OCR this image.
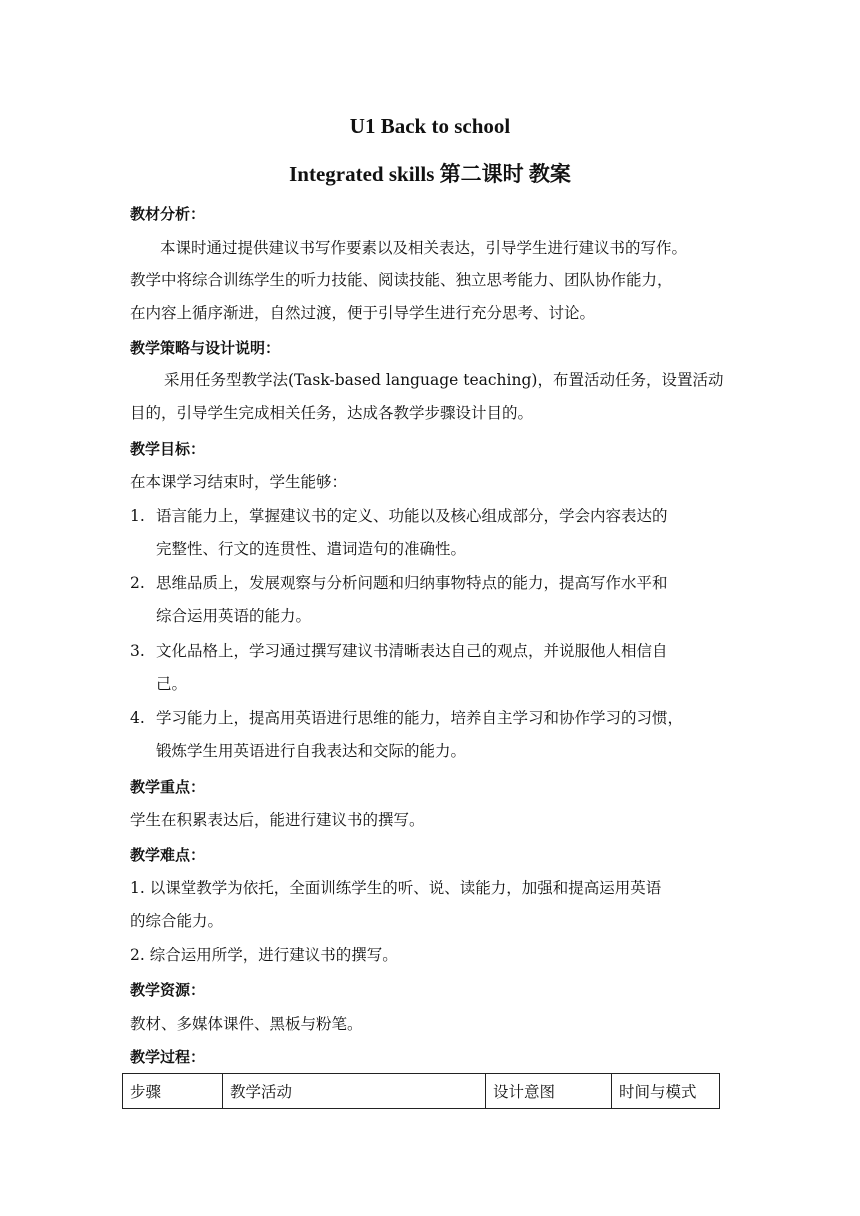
U1 Back to school
Integrated skills 第二课时 教案
教材分析：
本课时通过提供建议书写作要素以及相关表达，引导学生进行建议书的写作。
教学中将综合训练学生的听力技能、阅读技能、独立思考能力、团队协作能力，
在内容上循序渐进，自然过渡，便于引导学生进行充分思考、讨论。
教学策略与设计说明：
采用任务型教学法(Task-based language teaching)，布置活动任务，设置活动
目的，引导学生完成相关任务，达成各教学步骤设计目的。
教学目标：
在本课学习结束时，学生能够：
1. 语言能力上，掌握建议书的定义、功能以及核心组成部分，学会内容表达的
完整性、行文的连贯性、遣词造句的准确性。
2. 思维品质上，发展观察与分析问题和归纳事物特点的能力，提高写作水平和
综合运用英语的能力。
3. 文化品格上，学习通过撰写建议书清晰表达自己的观点，并说服他人相信自
己。
4. 学习能力上，提高用英语进行思维的能力，培养自主学习和协作学习的习惯，
锻炼学生用英语进行自我表达和交际的能力。
教学重点：
学生在积累表达后，能进行建议书的撰写。
教学难点：
1. 以课堂教学为依托，全面训练学生的听、说、读能力，加强和提高运用英语
的综合能力。
2. 综合运用所学，进行建议书的撰写。
教学资源：
教材、多媒体课件、黑板与粉笔。
教学过程：
步骤	教学活动	设计意图	时间与模式
